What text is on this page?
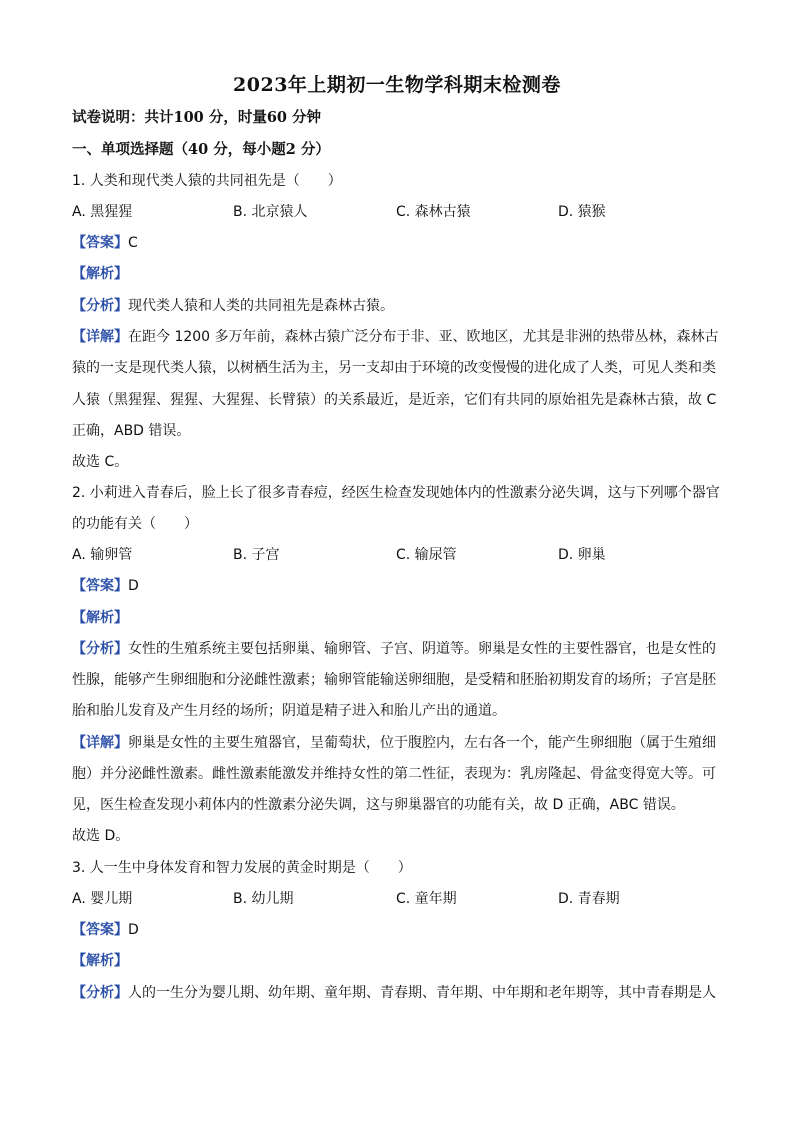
2023年上期初一生物学科期末检测卷
试卷说明：共计100 分，时量60 分钟
一、单项选择题（40 分，每小题2 分）
1. 人类和现代类人猿的共同祖先是（　　）
A. 黑猩猩	B. 北京猿人	C. 森林古猿	D. 猿猴
【答案】C
【解析】
【分析】现代类人猿和人类的共同祖先是森林古猿。
【详解】在距今 1200 多万年前，森林古猿广泛分布于非、亚、欧地区，尤其是非洲的热带丛林，森林古
猿的一支是现代类人猿，以树栖生活为主，另一支却由于环境的改变慢慢的进化成了人类，可见人类和类
人猿（黑猩猩、猩猩、大猩猩、长臂猿）的关系最近，是近亲，它们有共同的原始祖先是森林古猿，故 C
正确，ABD 错误。
故选 C。
2. 小莉进入青春后，脸上长了很多青春痘，经医生检查发现她体内的性激素分泌失调，这与下列哪个器官
的功能有关（　　）
A. 输卵管	B. 子宫	C. 输尿管	D. 卵巢
【答案】D
【解析】
【分析】女性的生殖系统主要包括卵巢、输卵管、子宫、阴道等。卵巢是女性的主要性器官，也是女性的
性腺，能够产生卵细胞和分泌雌性激素；输卵管能输送卵细胞，是受精和胚胎初期发育的场所；子宫是胚
胎和胎儿发育及产生月经的场所；阴道是精子进入和胎儿产出的通道。
【详解】卵巢是女性的主要生殖器官，呈葡萄状，位于腹腔内，左右各一个，能产生卵细胞（属于生殖细
胞）并分泌雌性激素。雌性激素能激发并维持女性的第二性征，表现为：乳房隆起、骨盆变得宽大等。可
见，医生检查发现小莉体内的性激素分泌失调，这与卵巢器官的功能有关，故 D 正确，ABC 错误。
故选 D。
3. 人一生中身体发育和智力发展的黄金时期是（　　）
A. 婴儿期	B. 幼儿期	C. 童年期	D. 青春期
【答案】D
【解析】
【分析】人的一生分为婴儿期、幼年期、童年期、青春期、青年期、中年期和老年期等，其中青春期是人
